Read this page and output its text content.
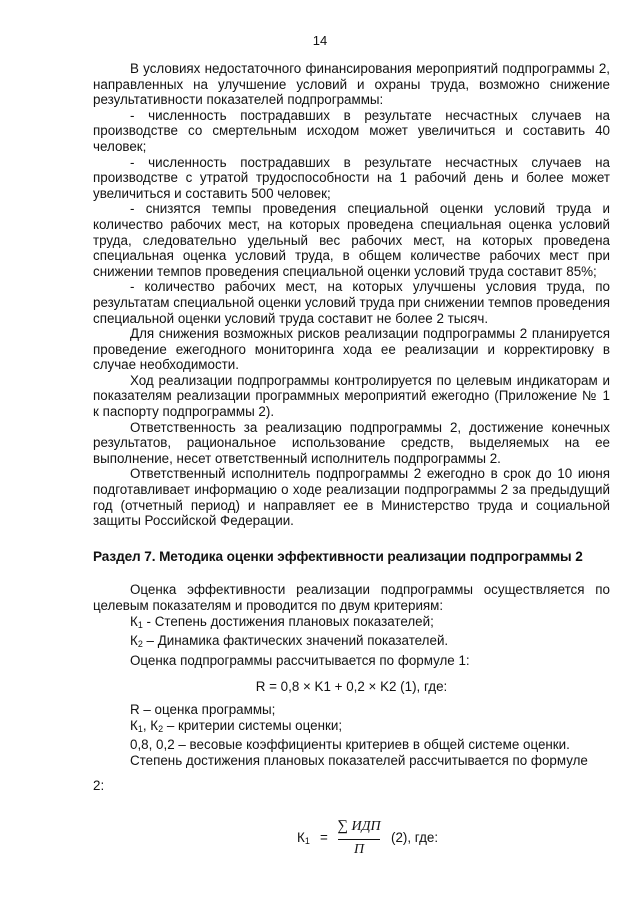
14

В условиях недостаточного финансирования мероприятий подпрограммы 2, направленных на улучшение условий и охраны труда, возможно снижение результативности показателей подпрограммы:

- численность пострадавших в результате несчастных случаев на производстве со смертельным исходом может увеличиться и составить 40 человек;

- численность пострадавших в результате несчастных случаев на производстве с утратой трудоспособности на 1 рабочий день и более может увеличиться и составить 500 человек;

- снизятся темпы проведения специальной оценки условий труда и количество рабочих мест, на которых проведена специальная оценка условий труда, следовательно удельный вес рабочих мест, на которых проведена специальная оценка условий труда, в общем количестве рабочих мест при снижении темпов проведения специальной оценки условий труда составит 85%;

- количество рабочих мест, на которых улучшены условия труда, по результатам специальной оценки условий труда при снижении темпов проведения специальной оценки условий труда составит не более 2 тысяч.

Для снижения возможных рисков реализации подпрограммы 2 планируется проведение ежегодного мониторинга хода ее реализации и корректировку в случае необходимости.

Ход реализации подпрограммы контролируется по целевым индикаторам и показателям реализации программных мероприятий ежегодно (Приложение № 1 к паспорту подпрограммы 2).

Ответственность за реализацию подпрограммы 2, достижение конечных результатов, рациональное использование средств, выделяемых на ее выполнение, несет ответственный исполнитель подпрограммы 2.

Ответственный исполнитель подпрограммы 2 ежегодно в срок до 10 июня подготавливает информацию о ходе реализации подпрограммы 2 за предыдущий год (отчетный период) и направляет ее в Министерство труда и социальной защиты Российской Федерации.

Раздел 7. Методика оценки эффективности реализации подпрограммы 2

Оценка эффективности реализации подпрограммы осуществляется по целевым показателям и проводится по двум критериям:

$К_1$ - Степень достижения плановых показателей;

$К_2$ – Динамика фактических значений показателей.

Оценка подпрограммы рассчитывается по формуле 1:

R = 0,8 × K1 + 0,2 × K2 (1), где:

R – оценка программы;

$К_1$, $К_2$ – критерии системы оценки;

0,8, 0,2 – весовые коэффициенты критериев в общей системе оценки.

Степень достижения плановых показателей рассчитывается по формуле

2:

$К_1$ =
∑ ИДП
П
(2), где:
